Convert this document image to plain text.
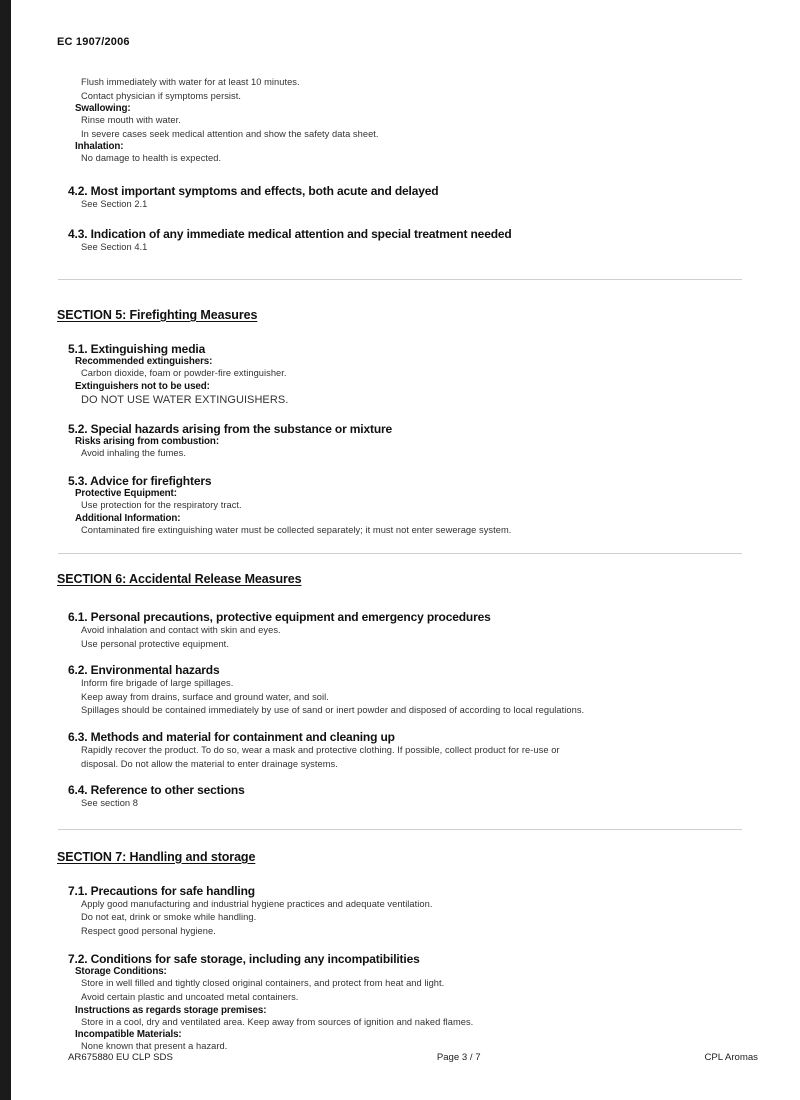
EC 1907/2006

Flush immediately with water for at least 10 minutes.

Contact physician if symptoms persist.

Swallowing:

Rinse mouth with water.

In severe cases seek medical attention and show the safety data sheet.

Inhalation:

No damage to health is expected.

4.2. Most important symptoms and effects, both acute and delayed

See Section 2.1

4.3. Indication of any immediate medical attention and special treatment needed

See Section 4.1

SECTION 5: Firefighting Measures

5.1. Extinguishing media

Recommended extinguishers:

Carbon dioxide, foam or powder-fire extinguisher.

Extinguishers not to be used:

DO NOT USE WATER EXTINGUISHERS.

5.2. Special hazards arising from the substance or mixture

Risks arising from combustion:

Avoid inhaling the fumes.

5.3. Advice for firefighters

Protective Equipment:

Use protection for the respiratory tract.

Additional Information:

Contaminated fire extinguishing water must be collected separately; it must not enter sewerage system.

SECTION 6: Accidental Release Measures

6.1. Personal precautions, protective equipment and emergency procedures

Avoid inhalation and contact with skin and eyes.

Use personal protective equipment.

6.2. Environmental hazards

Inform fire brigade of large spillages.

Keep away from drains, surface and ground water, and soil.

Spillages should be contained immediately by use of sand or inert powder and disposed of according to local regulations.

6.3. Methods and material for containment and cleaning up

Rapidly recover the product. To do so, wear a mask and protective clothing. If possible, collect product for re-use or

disposal. Do not allow the material to enter drainage systems.

6.4. Reference to other sections

See section 8

SECTION 7: Handling and storage

7.1. Precautions for safe handling

Apply good manufacturing and industrial hygiene practices and adequate ventilation.

Do not eat, drink or smoke while handling.

Respect good personal hygiene.

7.2. Conditions for safe storage, including any incompatibilities

Storage Conditions:

Store in well filled and tightly closed original containers, and protect from heat and light.

Avoid certain plastic and uncoated metal containers.

Instructions as regards storage premises:

Store in a cool, dry and ventilated area. Keep away from sources of ignition and naked flames.

Incompatible Materials:

None known that present a hazard.

AR675880 EU CLP SDS	Page 3 / 7	CPL Aromas
